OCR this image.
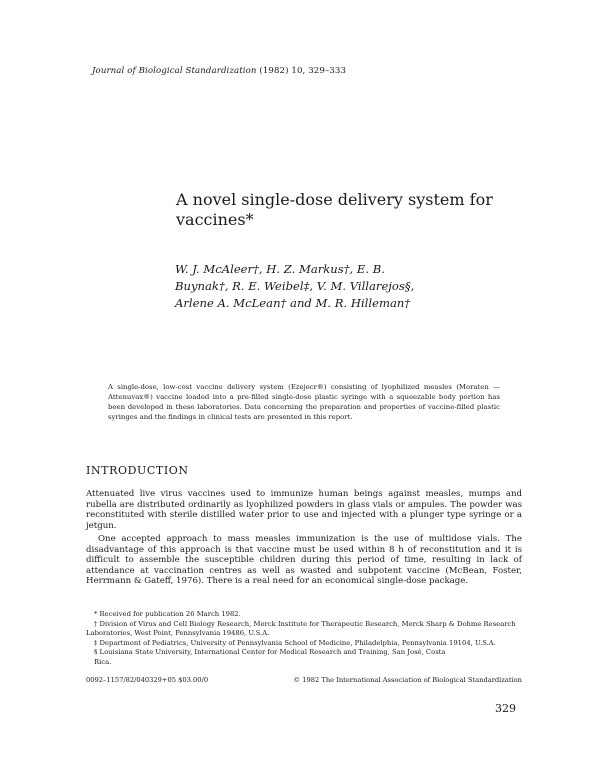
Journal of Biological Standardization (1982) 10, 329–333
A novel single-dose delivery system for vaccines*
W. J. McAleer†, H. Z. Markus†, E. B.
Buynak†, R. E. Weibel‡, V. M. Villarejos§,
Arlene A. McLean† and M. R. Hilleman†

A single-dose, low-cost vaccine delivery system (Ezejecr®) consisting of lyophilized measles (Moraten — Attenuvax®) vaccine loaded into a pre-filled single-dose plastic syringe with a squeezable body portion has been developed in these laboratories. Data concerning the preparation and properties of vaccine-filled plastic syringes and the findings in clinical tests are presented in this report.

INTRODUCTION

Attenuated live virus vaccines used to immunize human beings against measles, mumps and rubella are distributed ordinarily as lyophilized powders in glass vials or ampules. The powder was reconstituted with sterile distilled water prior to use and injected with a plunger type syringe or a jetgun.

One accepted approach to mass measles immunization is the use of multidose vials. The disadvantage of this approach is that vaccine must be used within 8 h of reconstitution and it is difficult to assemble the susceptible children during this period of time, resulting in lack of attendance at vaccination centres as well as wasted and subpotent vaccine (McBean, Foster, Herrmann & Gateff, 1976). There is a real need for an economical single-dose package.

* Received for publication 26 March 1982.
† Division of Virus and Cell Biology Research, Merck Institute for Therapeutic Research, Merck Sharp & Dohme Research Laboratories, West Point, Pennsylvania 19486, U.S.A.
‡ Department of Pediatrics, University of Pennsylvania School of Medicine, Philadelphia, Pennsylvania 19104, U.S.A.
§ Louisiana State University, International Center for Medical Research and Training, San José, Costa
Rica.
0092–1157/82/040329+05 $03.00/0	© 1982 The International Association of Biological Standardization
329
